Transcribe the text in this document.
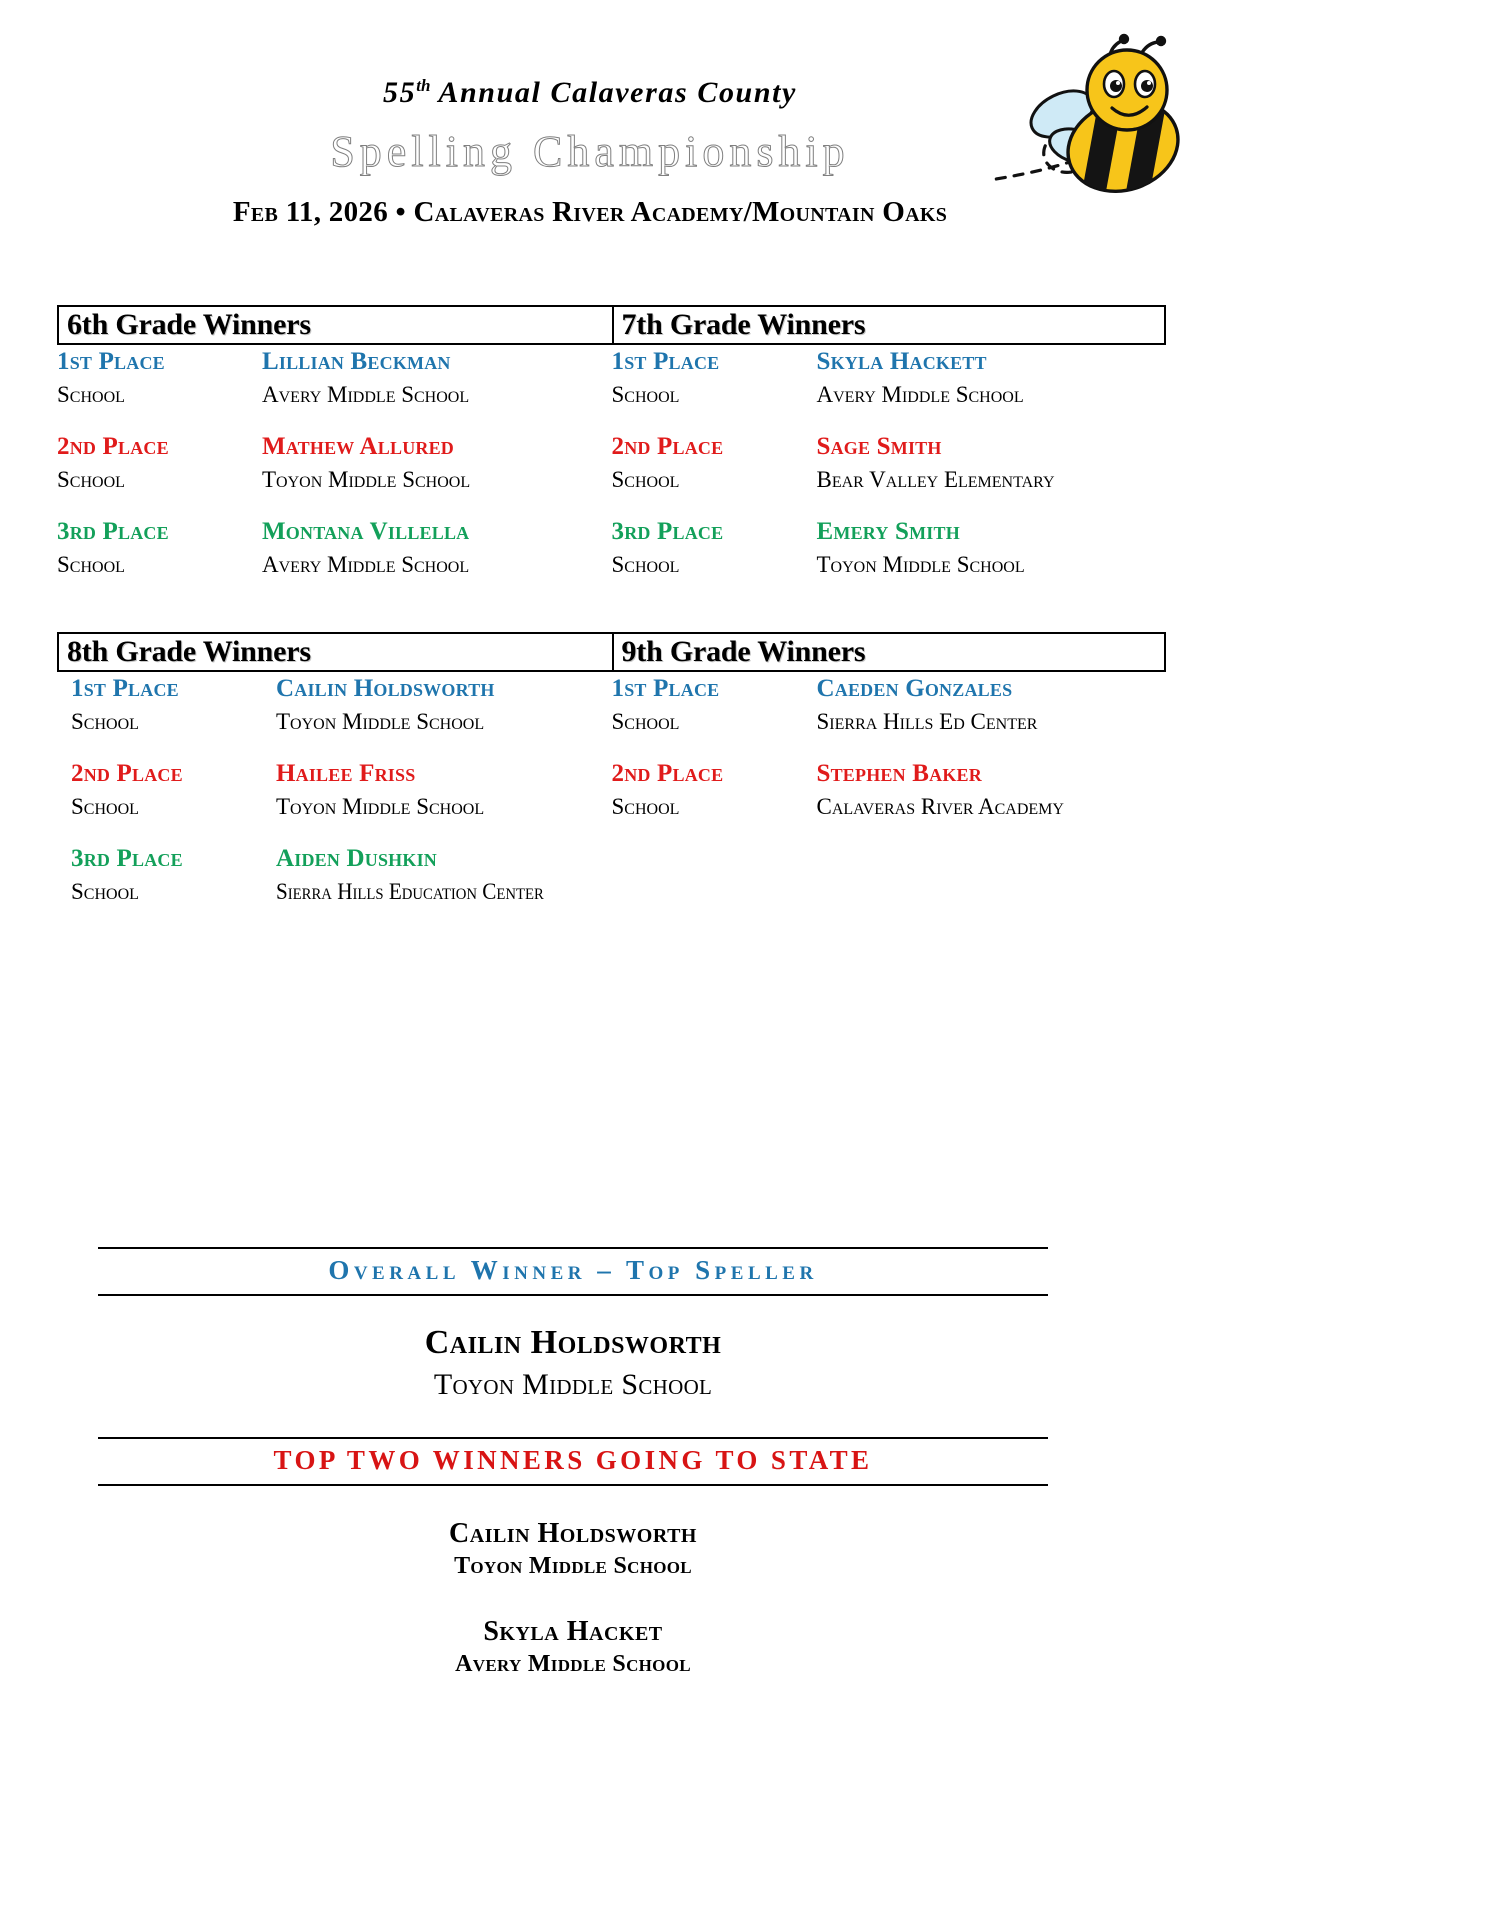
55th Annual Calaveras County
Spelling Championship
Feb 11, 2026 • Calaveras River Academy/Mountain Oaks
6th Grade Winners	7th Grade Winners
1st Place	Lillian Beckman
School	Avery Middle School
2nd Place	Mathew Allured
School	Toyon Middle School
3rd Place	Montana Villella
School	Avery Middle School
1st Place	Skyla Hackett
School	Avery Middle School
2nd Place	Sage Smith
School	Bear Valley Elementary
3rd Place	Emery Smith
School	Toyon Middle School
8th Grade Winners	9th Grade Winners
1st Place	Cailin Holdsworth
School	Toyon Middle School
2nd Place	Hailee Friss
School	Toyon Middle School
3rd Place	Aiden Dushkin
School	Sierra Hills Education Center
1st Place	Caeden Gonzales
School	Sierra Hills Ed Center
2nd Place	Stephen Baker
School	Calaveras River Academy
Overall Winner – Top Speller
Cailin Holdsworth
Toyon Middle School
TOP TWO WINNERS GOING TO STATE
Cailin Holdsworth
Toyon Middle School
Skyla Hacket
Avery Middle School
